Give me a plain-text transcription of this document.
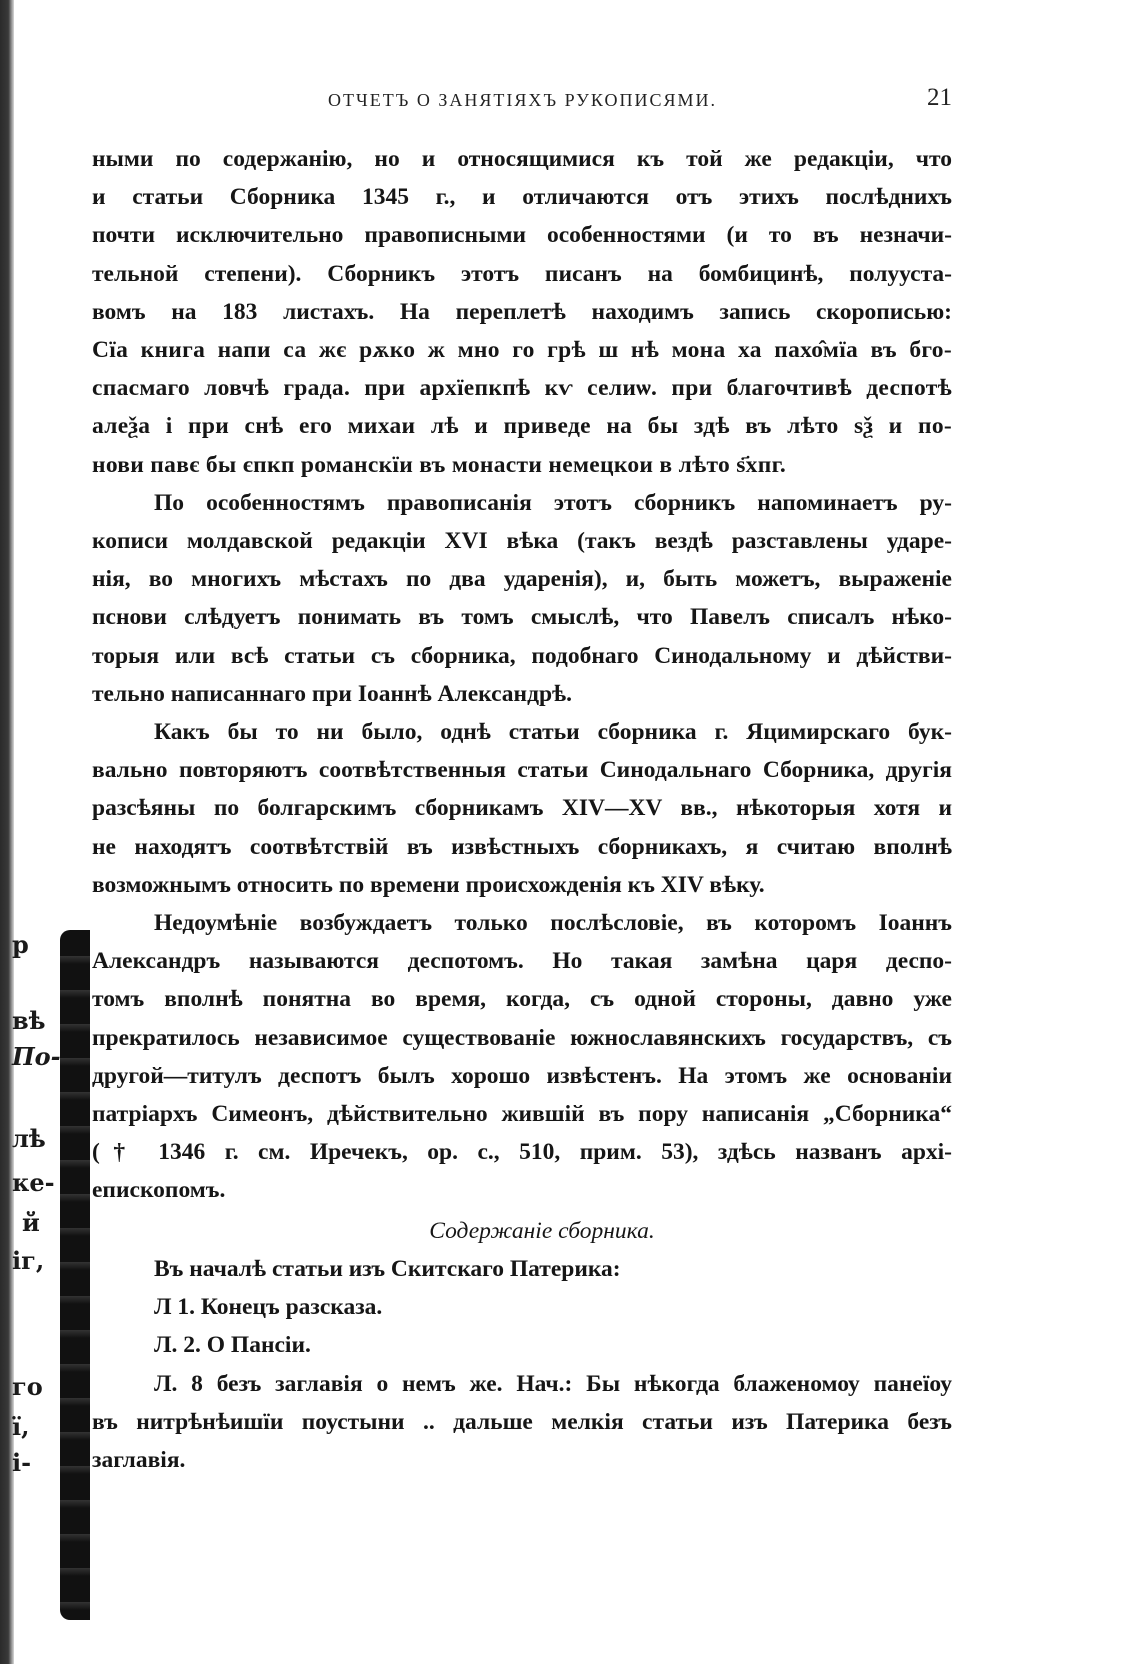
р
вѣ
По-
лѣ
ке-
й
іг,
го
ї,
і-
ОТЧЕТЪ О ЗАНЯТІЯХЪ РУКОПИСЯМИ.	21

ными по содержанію, но и относящимися къ той же редакціи, что

и статьи Сборника 1345 г., и отличаются отъ этихъ послѣднихъ

почти исключительно правописными особенностями (и то въ незначи-

тельной степени). Сборникъ этотъ писанъ на бомбицинѣ, полууста-

вомъ на 183 листахъ. На переплетѣ находимъ запись скорописью:

Сїа книга напи са жє рѫко ж мно го грѣ ш нѣ мона ха пахо̂мїа въ бго-

спасмаго ловчѣ града. при архїепкпѣ кѵ селиѡ. при благочтивѣ деспотѣ

алеѯа і при снѣ его михаи лѣ и приведе на бы здѣ въ лѣто ѕѯ и по-

нови павє бы єпкп романскїи въ монасти немецкои в лѣто ѕ҃хпг.

По особенностямъ правописанія этотъ сборникъ напоминаетъ ру-

кописи молдавской редакціи XVI вѣка (такъ вездѣ разставлены ударе-

нія, во многихъ мѣстахъ по два ударенія), и, быть можетъ, выраженіе

пснови слѣдуетъ понимать въ томъ смыслѣ, что Павелъ списалъ нѣко-

торыя или всѣ статьи съ сборника, подобнаго Синодальному и дѣйстви-

тельно написаннаго при Іоаннѣ Александрѣ.

Какъ бы то ни было, однѣ статьи сборника г. Яцимирскаго бук-

вально повторяютъ соотвѣтственныя статьи Синодальнаго Сборника, другія

разсѣяны по болгарскимъ сборникамъ XIV—XV вв., нѣкоторыя хотя и

не находятъ соотвѣтствій въ извѣстныхъ сборникахъ, я считаю вполнѣ

возможнымъ относить по времени происхожденія къ XIV вѣку.

Недоумѣніе возбуждаетъ только послѣсловіе, въ которомъ Іоаннъ

Александръ называются деспотомъ. Но такая замѣна царя деспо-

томъ вполнѣ понятна во время, когда, съ одной стороны, давно уже

прекратилось независимое существованіе южнославянскихъ государствъ, съ

другой—титулъ деспотъ былъ хорошо извѣстенъ. На этомъ же основаніи

патріархъ Симеонъ, дѣйствительно жившій въ пору написанія „Сборника“

(† 1346 г. см. Иречекъ, op. c., 510, прим. 53), здѣсь названъ архі-

епископомъ.

Содержаніе сборника.

Въ началѣ статьи изъ Скитскаго Патерика:

Л 1. Конецъ разсказа.

Л. 2. О Пансіи.

Л. 8 безъ заглавія о немъ же. Нач.: Бы нѣкогда блаженомоу панеїоу

въ нитрѣнѣишїи поустыни .. дальше мелкія статьи изъ Патерика безъ

заглавія.
